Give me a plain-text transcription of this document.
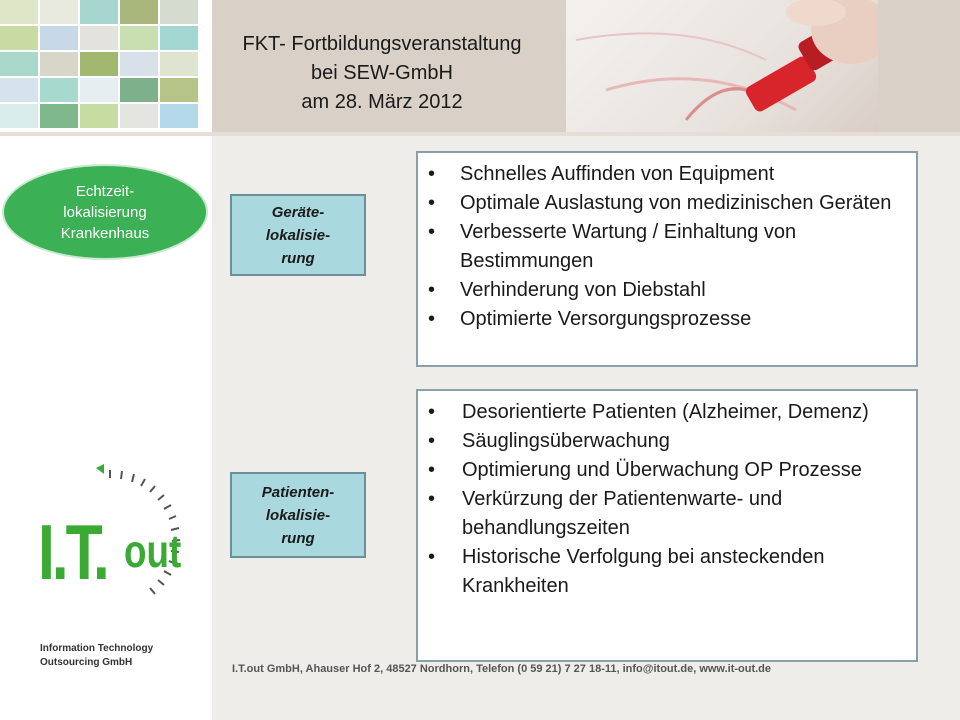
FKT- Fortbildungsveranstaltung
bei SEW-GmbH
am 28. März 2012
Echtzeit-
lokalisierung
Krankenhaus
Geräte-
lokalisie-
rung
Patienten-
lokalisie-
rung
• Schnelles Auffinden von Equipment
• Optimale Auslastung von medizinischen Geräten
• Verbesserte Wartung / Einhaltung von Bestimmungen
• Verhinderung von Diebstahl
• Optimierte Versorgungsprozesse
• Desorientierte Patienten (Alzheimer, Demenz)
• Säuglingsüberwachung
• Optimierung und Überwachung OP Prozesse
• Verkürzung der Patientenwarte- und behandlungszeiten
• Historische Verfolgung bei ansteckenden Krankheiten
I.T. out
Information Technology
Outsourcing GmbH
I.T.out GmbH, Ahauser Hof 2, 48527 Nordhorn, Telefon (0 59 21) 7 27 18-11, info@itout.de, www.it-out.de
